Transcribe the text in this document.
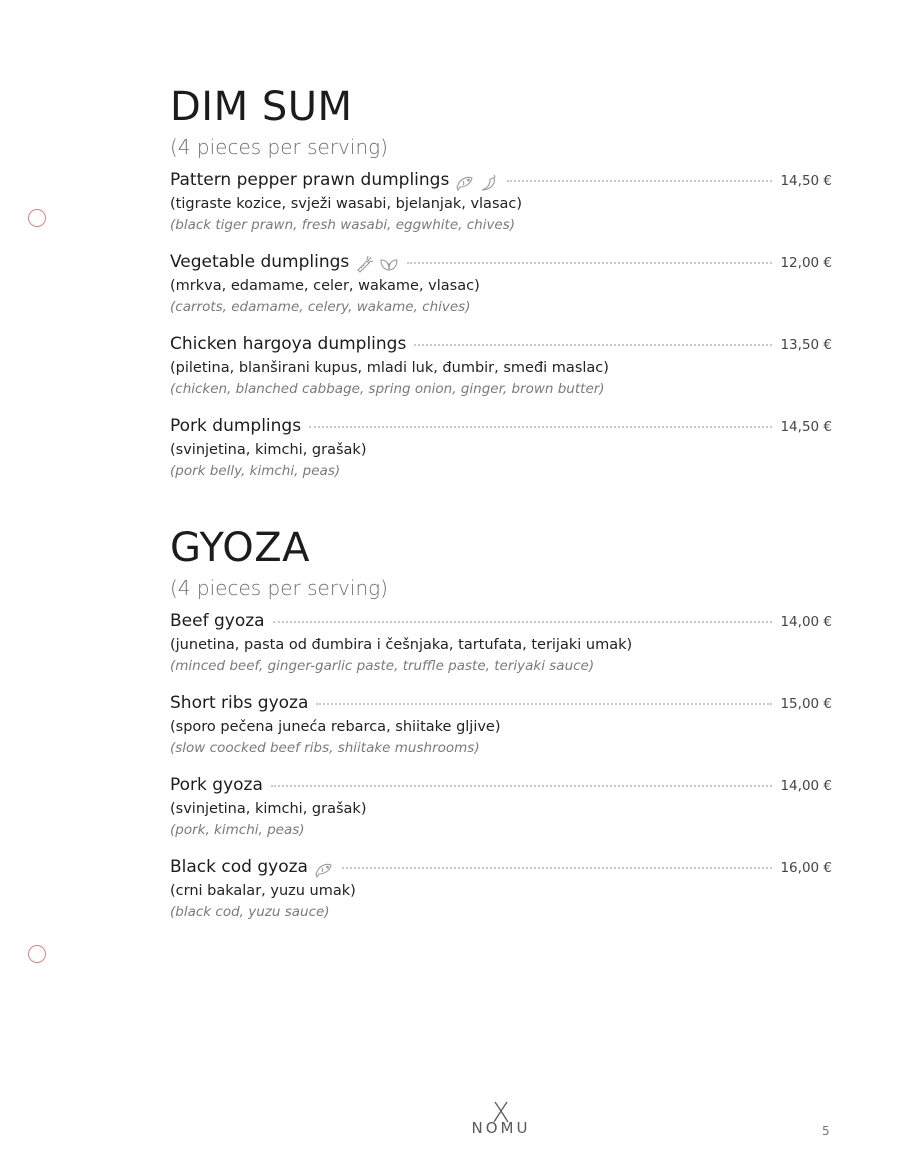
DIM SUM
(4 pieces per serving)
Pattern pepper prawn dumplings	14,50 €
(tigraste kozice, svježi wasabi, bjelanjak, vlasac)
(black tiger prawn, fresh wasabi, eggwhite, chives)
Vegetable dumplings	12,00 €
(mrkva, edamame, celer, wakame, vlasac)
(carrots, edamame, celery, wakame, chives)
Chicken hargoya dumplings	13,50 €
(piletina, blanširani kupus, mladi luk, đumbir, smeđi maslac)
(chicken, blanched cabbage, spring onion, ginger, brown butter)
Pork dumplings	14,50 €
(svinjetina, kimchi, grašak)
(pork belly, kimchi, peas)
GYOZA
(4 pieces per serving)
Beef gyoza	14,00 €
(junetina, pasta od đumbira i češnjaka, tartufata, terijaki umak)
(minced beef, ginger-garlic paste, truffle paste, teriyaki sauce)
Short ribs gyoza	15,00 €
(sporo pečena juneća rebarca, shiitake gljive)
(slow coocked beef ribs, shiitake mushrooms)
Pork gyoza	14,00 €
(svinjetina, kimchi, grašak)
(pork, kimchi, peas)
Black cod gyoza	16,00 €
(crni bakalar, yuzu umak)
(black cod, yuzu sauce)
NOMU	5
